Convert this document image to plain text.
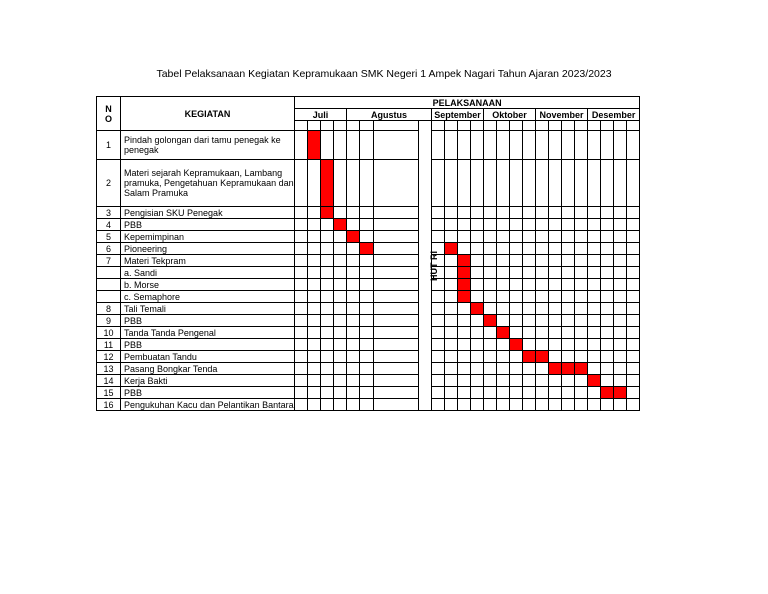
Tabel Pelaksanaan Kegiatan Kepramukaan SMK Negeri 1 Ampek Nagari Tahun Ajaran 2023/2023
N
O	KEGIATAN	PELAKSANAAN																							
		Juli				Agustus				September				Oktober				November				Desember			
									HUT RI																
1	Pindah golongan dari tamu penegak ke penegak																								
2	Materi sejarah Kepramukaan, Lambang pramuka, Pengetahuan Kepramukaan dan Salam Pramuka																								
3	Pengisian SKU Penegak																								
4	PBB																								
5	Kepemimpinan																								
6	Pioneering																								
7	Materi Tekpram																								
	a. Sandi																								
	b. Morse																								
	c. Semaphore																								
8	Tali Temali																								
9	PBB																								
10	Tanda Tanda Pengenal																								
11	PBB																								
12	Pembuatan Tandu																								
13	Pasang Bongkar Tenda																								
14	Kerja Bakti																								
15	PBB																								
16	Pengukuhan Kacu dan Pelantikan Bantara																								
